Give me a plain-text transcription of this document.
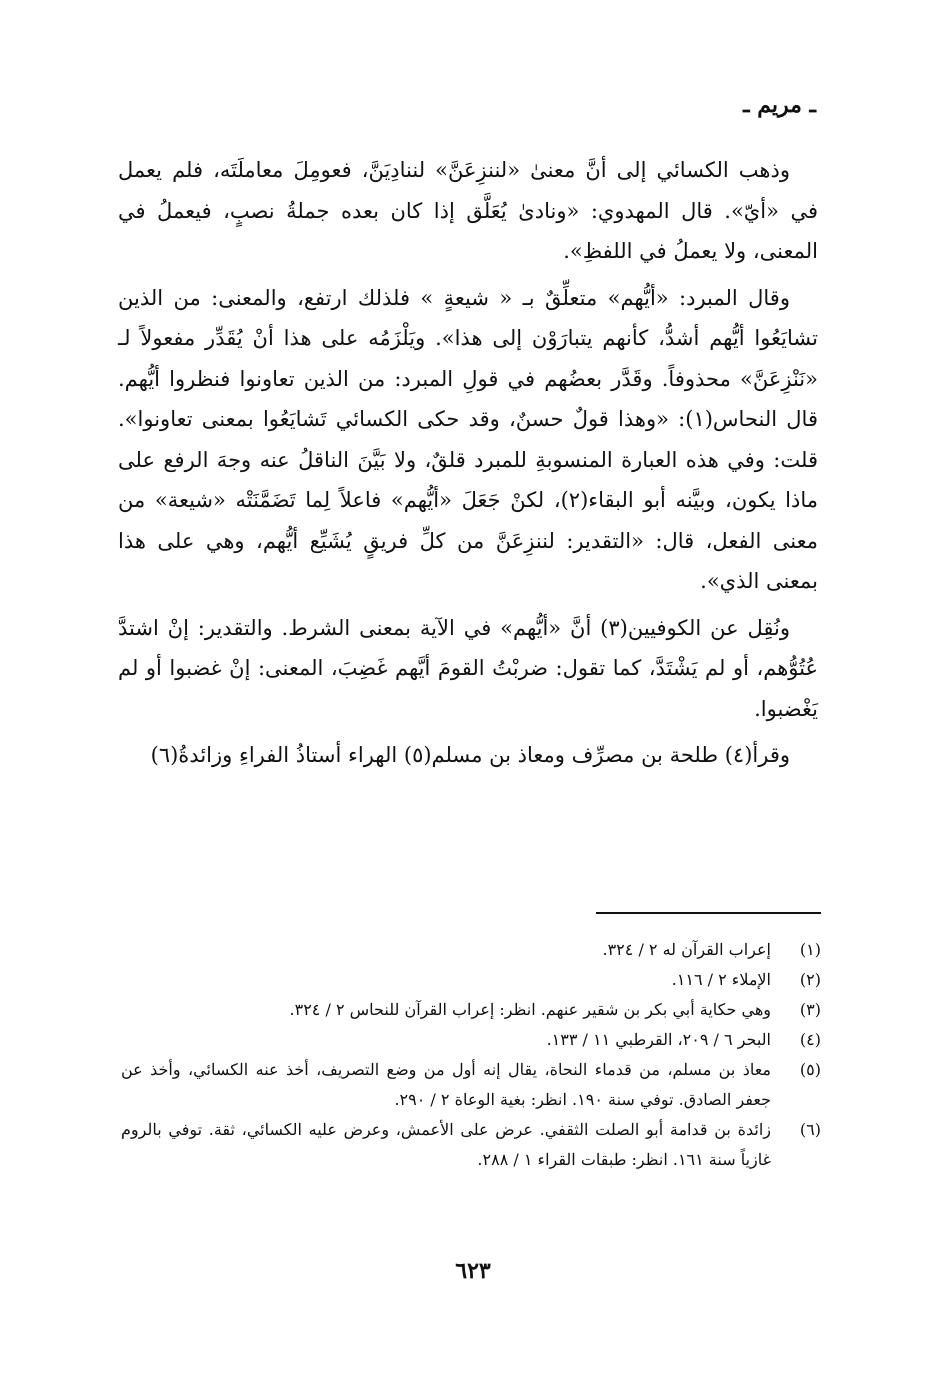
ـ مريم ـ

وذهب الكسائي إلى أنَّ معنىٰ «لننزِعَنَّ» لننادِيَنَّ، فعومِلَ معاملَتَه، فلم يعمل في «أيّ». قال المهدوي: «ونادىٰ يُعَلَّق إذا كان بعده جملةُ نصبٍ، فيعملُ في المعنى، ولا يعملُ في اللفظِ».

وقال المبرد: «أيُّهم» متعلِّقٌ بـ « شيعةٍ » فلذلك ارتفع، والمعنى: من الذين تشايَعُوا أيُّهم أشدُّ، كأنهم يتبارَوْن إلى هذا». ويَلْزَمُه على هذا أنْ يُقَدِّر مفعولاً لـ «نَنْزِعَنَّ» محذوفاً. وقَدَّر بعضُهم في قولِ المبرد: من الذين تعاونوا فنظروا أيُّهم. قال النحاس(١): «وهذا قولٌ حسنٌ، وقد حكى الكسائي تَشايَعُوا بمعنى تعاونوا». قلت: وفي هذه العبارة المنسوبةِ للمبرد قلقٌ، ولا بَيَّنَ الناقلُ عنه وجهَ الرفع على ماذا يكون، وبيَّنه أبو البقاء(٢)، لكنْ جَعَلَ «أيُّهم» فاعلاً لِما تَضَمَّنَتْه «شيعة» من معنى الفعل، قال: «التقدير: لننزِعَنَّ من كلِّ فريقٍ يُشَيِّع أيُّهم، وهي على هذا بمعنى الذي».

ونُقِل عن الكوفيين(٣) أنَّ «أيُّهم» في الآية بمعنى الشرط. والتقدير: إنْ اشتدَّ عُتُوُّهم، أو لم يَشْتَدَّ، كما تقول: ضربْتُ القومَ أيَّهم غَضِبَ، المعنى: إنْ غضبوا أو لم يَغْضبوا.

وقرأ(٤) طلحة بن مصرِّف ومعاذ بن مسلم(٥) الهراء أستاذُ الفراءِ وزائدةُ(٦)

(١)
إعراب القرآن له ٢ / ٣٢٤.
(٢)
الإملاء ٢ / ١١٦.
(٣)
وهي حكاية أبي بكر بن شقير عنهم. انظر: إعراب القرآن للنحاس ٢ / ٣٢٤.
(٤)
البحر ٦ / ٢٠٩، القرطبي ١١ / ١٣٣.
(٥)
معاذ بن مسلم، من قدماء النحاة، يقال إنه أول من وضع التصريف، أخذ عنه الكسائي، وأخذ عن جعفر الصادق. توفي سنة ١٩٠. انظر: بغية الوعاة ٢ / ٢٩٠.
(٦)
زائدة بن قدامة أبو الصلت الثقفي. عرض على الأعمش، وعرض عليه الكسائي، ثقة. توفي بالروم غازياً سنة ١٦١. انظر: طبقات القراء ١ / ٢٨٨.
٦٢٣
